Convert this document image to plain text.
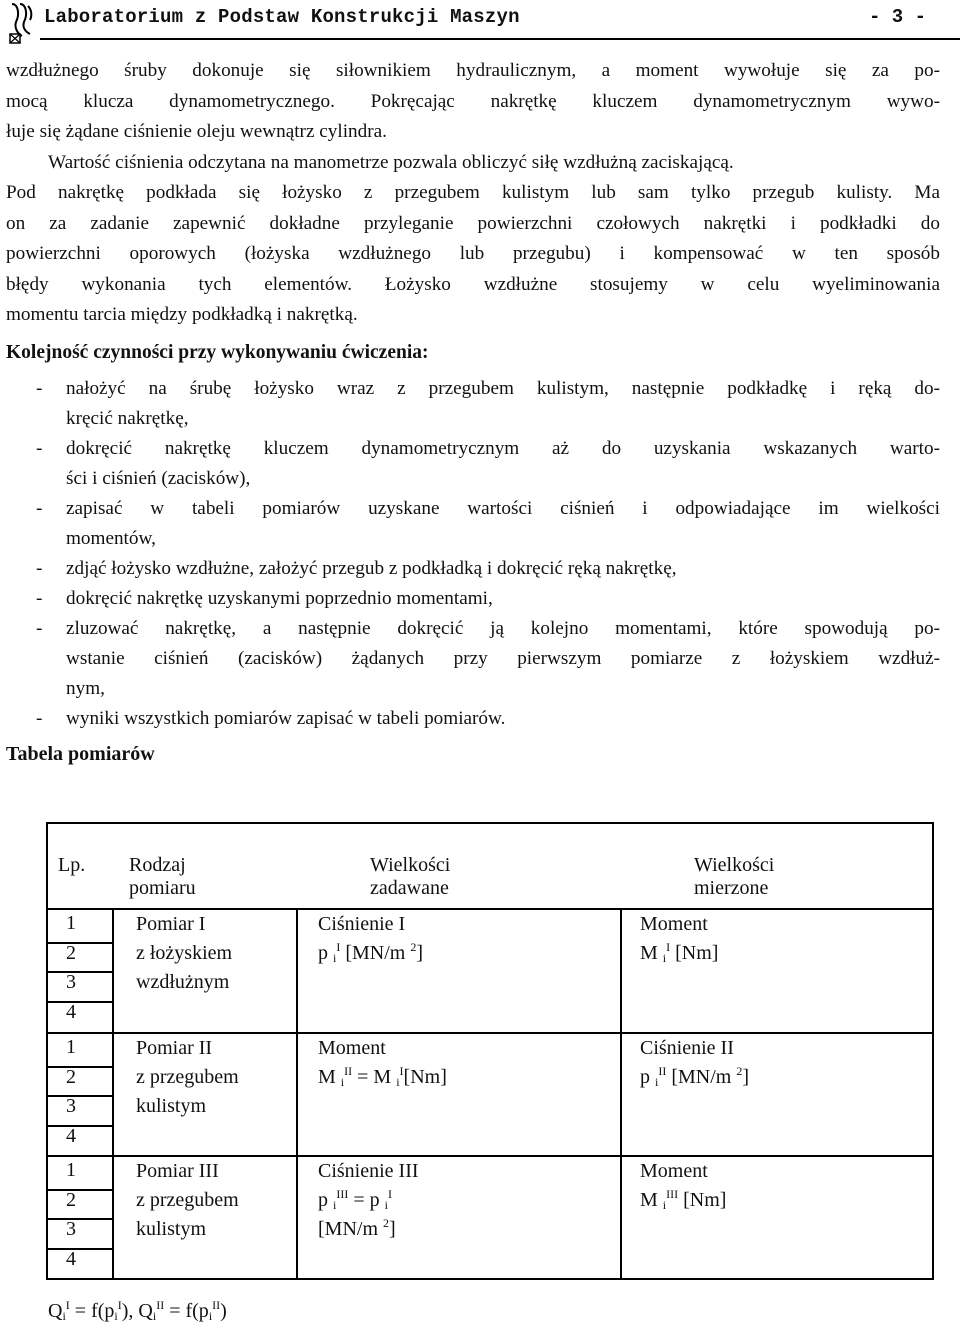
Laboratorium z Podstaw Konstrukcji Maszyn	- 3 -
wzdłużnego śruby dokonuje się siłownikiem hydraulicznym, a moment wywołuje się za po-
mocą klucza dynamometrycznego. Pokręcając nakrętkę kluczem dynamometrycznym wywo-
łuje się żądane ciśnienie oleju wewnątrz cylindra.
Wartość ciśnienia odczytana na manometrze pozwala obliczyć siłę wzdłużną zaciskającą.
Pod nakrętkę podkłada się łożysko z przegubem kulistym lub sam tylko przegub kulisty. Ma
on za zadanie zapewnić dokładne przyleganie powierzchni czołowych nakrętki i podkładki do
powierzchni oporowych (łożyska wzdłużnego lub przegubu) i kompensować w ten sposób
błędy wykonania tych elementów. Łożysko wzdłużne stosujemy w celu wyeliminowania
momentu tarcia między podkładką i nakrętką.
Kolejność czynności przy wykonywaniu ćwiczenia:
- nałożyć na śrubę łożysko wraz z przegubem kulistym, następnie podkładkę i ręką do-
kręcić nakrętkę,
- dokręcić nakrętkę kluczem dynamometrycznym aż do uzyskania wskazanych warto-
ści i ciśnień (zacisków),
- zapisać w tabeli pomiarów uzyskane wartości ciśnień i odpowiadające im wielkości
momentów,
- zdjąć łożysko wzdłużne, założyć przegub z podkładką i dokręcić ręką nakrętkę,
- dokręcić nakrętkę uzyskanymi poprzednio momentami,
- zluzować nakrętkę, a następnie dokręcić ją kolejno momentami, które spowodują po-
wstanie ciśnień (zacisków) żądanych przy pierwszym pomiarze z łożyskiem wzdłuż-
nym,
- wyniki wszystkich pomiarów zapisać w tabeli pomiarów.
Tabela pomiarów
Lp. Rodzaj pomiaru
Wielkości zadawane
Wielkości mierzone
1
2
3
4
Pomiar I
z łożyskiem
wzdłużnym
Ciśnienie I
p $_i^I$ [MN/m $^2$]
Moment
M $_i^I$ [Nm]
1
2
3
4
Pomiar II
z przegubem
kulistym
Moment
M $_i^{II}$ = M $_i^I$[Nm]
Ciśnienie II
p $_i^{II}$ [MN/m $^2$]
1
2
3
4
Pomiar III
z przegubem
kulistym
Ciśnienie III
p $_i^{III}$ = p $_i^I$
[MN/m $^2$]
Moment
M $_i^{III}$ [Nm]
$Q_i^I = f(p_i^I)$, $Q_i^{II} = f(p_i^{II})$
